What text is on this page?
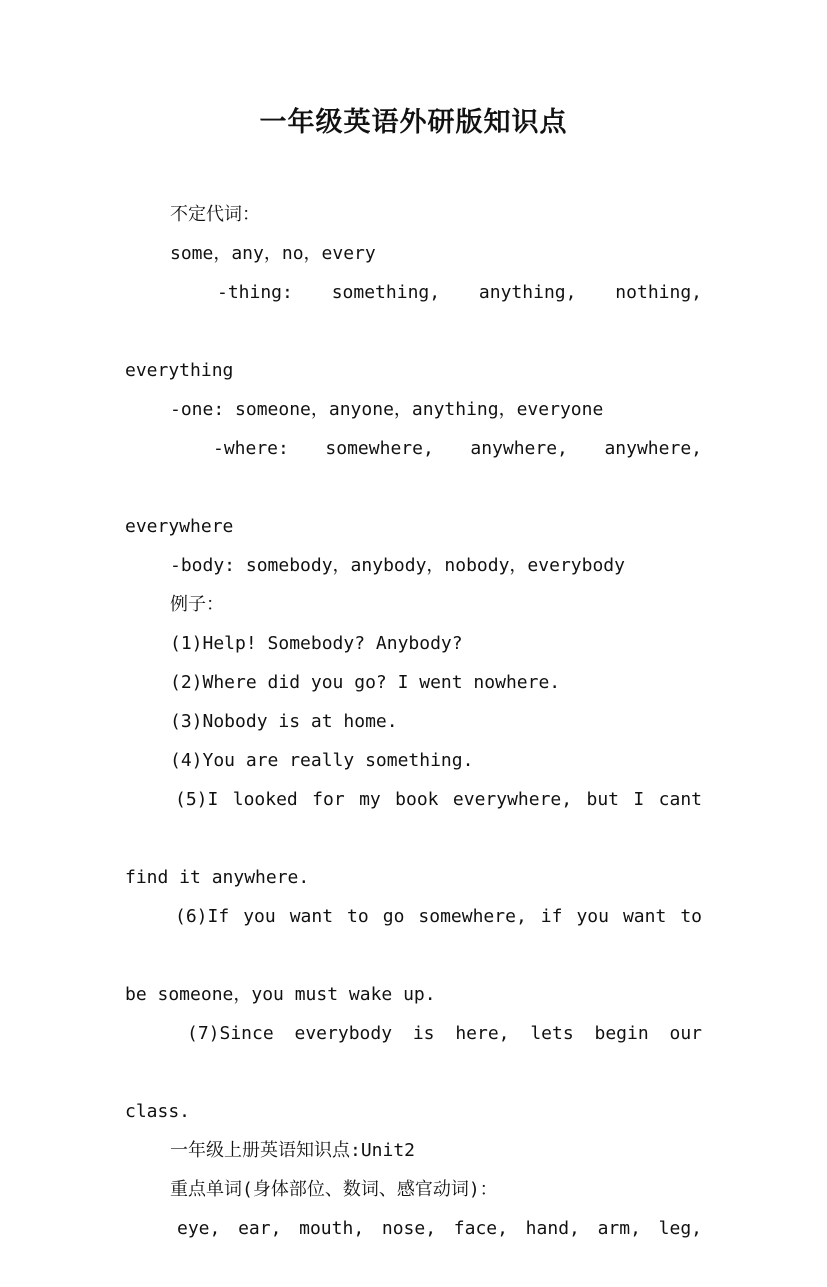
一年级英语外研版知识点

不定代词：

some，any，no，every

-thing: something, anything, nothing,

everything

-one: someone，anyone，anything，everyone

-where: somewhere, anywhere, anywhere,

everywhere

-body: somebody，anybody，nobody，everybody

例子：

(1)Help! Somebody? Anybody?

(2)Where did you go? I went nowhere.

(3)Nobody is at home.

(4)You are really something.

(5)I looked for my book everywhere, but I cant

find it anywhere.

(6)If you want to go somewhere, if you want to

be someone，you must wake up.

(7)Since everybody is here, lets begin our

class.

一年级上册英语知识点:Unit2

重点单词(身体部位、数词、感官动词)：

eye, ear, mouth, nose, face, hand, arm, leg,
